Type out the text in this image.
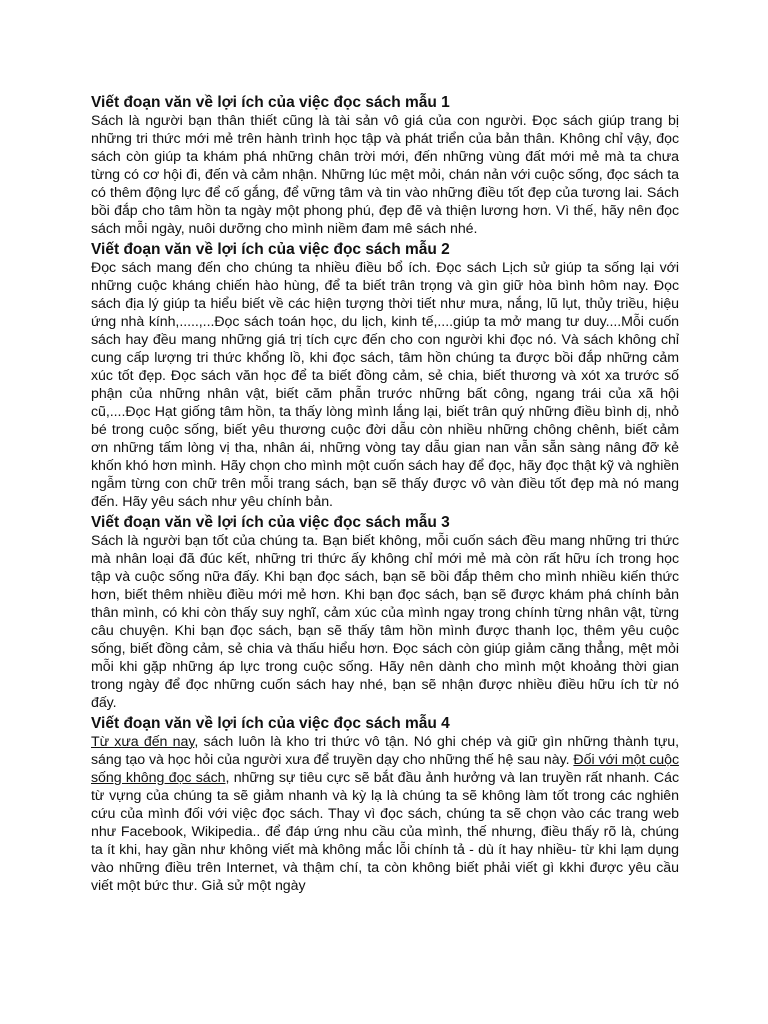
Viết đoạn văn về lợi ích của việc đọc sách mẫu 1

Sách là người bạn thân thiết cũng là tài sản vô giá của con người. Đọc sách giúp trang bị những tri thức mới mẻ trên hành trình học tập và phát triển của bản thân. Không chỉ vậy, đọc sách còn giúp ta khám phá những chân trời mới, đến những vùng đất mới mẻ mà ta chưa từng có cơ hội đi, đến và cảm nhận. Những lúc mệt mỏi, chán nản với cuộc sống, đọc sách ta có thêm động lực để cố gắng, để vững tâm và tin vào những điều tốt đẹp của tương lai. Sách bồi đắp cho tâm hồn ta ngày một phong phú, đẹp đẽ và thiện lương hơn. Vì thế, hãy nên đọc sách mỗi ngày, nuôi dưỡng cho mình niềm đam mê sách nhé.

Viết đoạn văn về lợi ích của việc đọc sách mẫu 2

Đọc sách mang đến cho chúng ta nhiều điều bổ ích. Đọc sách Lịch sử giúp ta sống lại với những cuộc kháng chiến hào hùng, để ta biết trân trọng và gìn giữ hòa bình hôm nay. Đọc sách địa lý giúp ta hiểu biết về các hiện tượng thời tiết như mưa, nắng, lũ lụt, thủy triều, hiệu ứng nhà kính,.....,...Đọc sách toán học, du lịch, kinh tế,....giúp ta mở mang tư duy....Mỗi cuốn sách hay đều mang những giá trị tích cực đến cho con người khi đọc nó. Và sách không chỉ cung cấp lượng tri thức khổng lồ, khi đọc sách, tâm hồn chúng ta được bồi đắp những cảm xúc tốt đẹp. Đọc sách văn học để ta biết đồng cảm, sẻ chia, biết thương và xót xa trước số phận của những nhân vật, biết căm phẫn trước những bất công, ngang trái của xã hội cũ,....Đọc Hạt giống tâm hồn, ta thấy lòng mình lắng lại, biết trân quý những điều bình dị, nhỏ bé trong cuộc sống, biết yêu thương cuộc đời dẫu còn nhiều những chông chênh, biết cảm ơn những tấm lòng vị tha, nhân ái, những vòng tay dẫu gian nan vẫn sẵn sàng nâng đỡ kẻ khốn khó hơn mình. Hãy chọn cho mình một cuốn sách hay để đọc, hãy đọc thật kỹ và nghiền ngẫm từng con chữ trên mỗi trang sách, bạn sẽ thấy được vô vàn điều tốt đẹp mà nó mang đến. Hãy yêu sách như yêu chính bản.

Viết đoạn văn về lợi ích của việc đọc sách mẫu 3

Sách là người bạn tốt của chúng ta. Bạn biết không, mỗi cuốn sách đều mang những tri thức mà nhân loại đã đúc kết, những tri thức ấy không chỉ mới mẻ mà còn rất hữu ích trong học tập và cuộc sống nữa đấy. Khi bạn đọc sách, bạn sẽ bồi đắp thêm cho mình nhiều kiến thức hơn, biết thêm nhiều điều mới mẻ hơn. Khi bạn đọc sách, bạn sẽ được khám phá chính bản thân mình, có khi còn thấy suy nghĩ, cảm xúc của mình ngay trong chính từng nhân vật, từng câu chuyện. Khi bạn đọc sách, bạn sẽ thấy tâm hồn mình được thanh lọc, thêm yêu cuộc sống, biết đồng cảm, sẻ chia và thấu hiểu hơn. Đọc sách còn giúp giảm căng thẳng, mệt mỏi mỗi khi gặp những áp lực trong cuộc sống. Hãy nên dành cho mình một khoảng thời gian trong ngày để đọc những cuốn sách hay nhé, bạn sẽ nhận được nhiều điều hữu ích từ nó đấy.

Viết đoạn văn về lợi ích của việc đọc sách mẫu 4

Từ xưa đến nay, sách luôn là kho tri thức vô tận. Nó ghi chép và giữ gìn những thành tựu, sáng tạo và học hỏi của người xưa để truyền dạy cho những thế hệ sau này. Đối với một cuộc sống không đọc sách, những sự tiêu cực sẽ bắt đầu ảnh hưởng và lan truyền rất nhanh. Các từ vựng của chúng ta sẽ giảm nhanh và kỳ lạ là chúng ta sẽ không làm tốt trong các nghiên cứu của mình đối với việc đọc sách. Thay vì đọc sách, chúng ta sẽ chọn vào các trang web như Facebook, Wikipedia.. để đáp ứng nhu cầu của mình, thế nhưng, điều thấy rõ là, chúng ta ít khi, hay gần như không viết mà không mắc lỗi chính tả - dù ít hay nhiều- từ khi lạm dụng vào những điều trên Internet, và thậm chí, ta còn không biết phải viết gì kkhi được yêu cầu viết một bức thư. Giả sử một ngày
